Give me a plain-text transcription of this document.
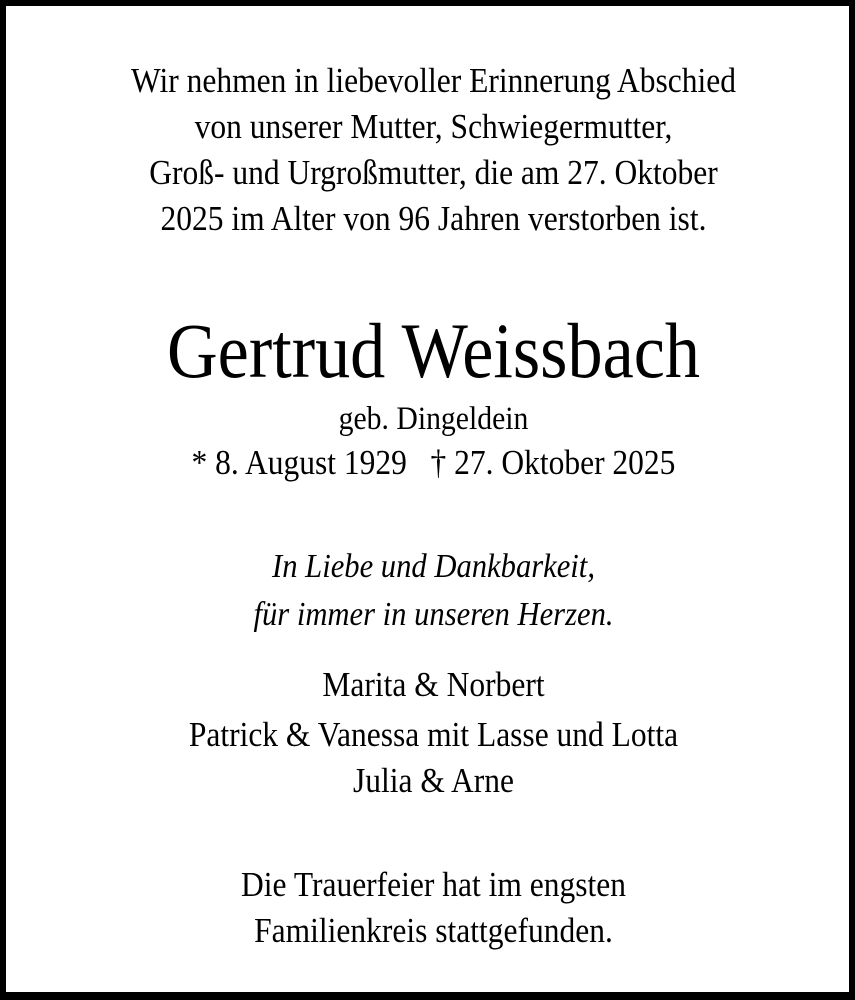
Wir nehmen in liebevoller Erinnerung Abschied
von unserer Mutter, Schwiegermutter,
Groß- und Urgroßmutter, die am 27. Oktober
2025 im Alter von 96 Jahren verstorben ist.
Gertrud Weissbach
geb. Dingeldein
* 8. August 1929 † 27. Oktober 2025
In Liebe und Dankbarkeit,
für immer in unseren Herzen.
Marita & Norbert
Patrick & Vanessa mit Lasse und Lotta
Julia & Arne
Die Trauerfeier hat im engsten
Familienkreis stattgefunden.
